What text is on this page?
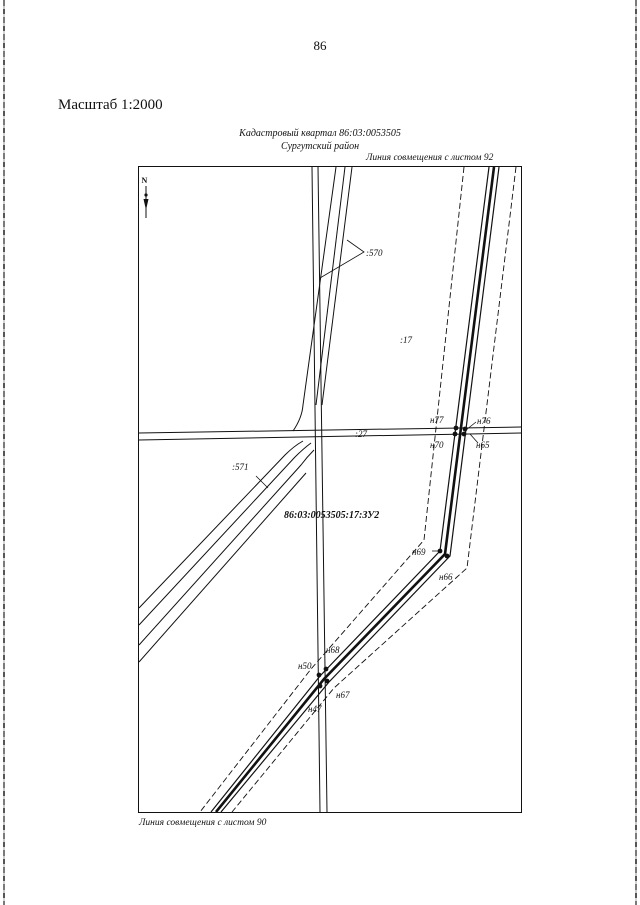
86
Масштаб 1:2000
Кадастровый квартал 86:03:0053505
Сургутский район
Линия совмещения с листом 92
N
:570
:17
:27
:571
86:03:0053505:17:ЗУ2
н77	н76
н70	н65
н69
н66
н68
н50
н47
н67
Линия совмещения с листом 90
